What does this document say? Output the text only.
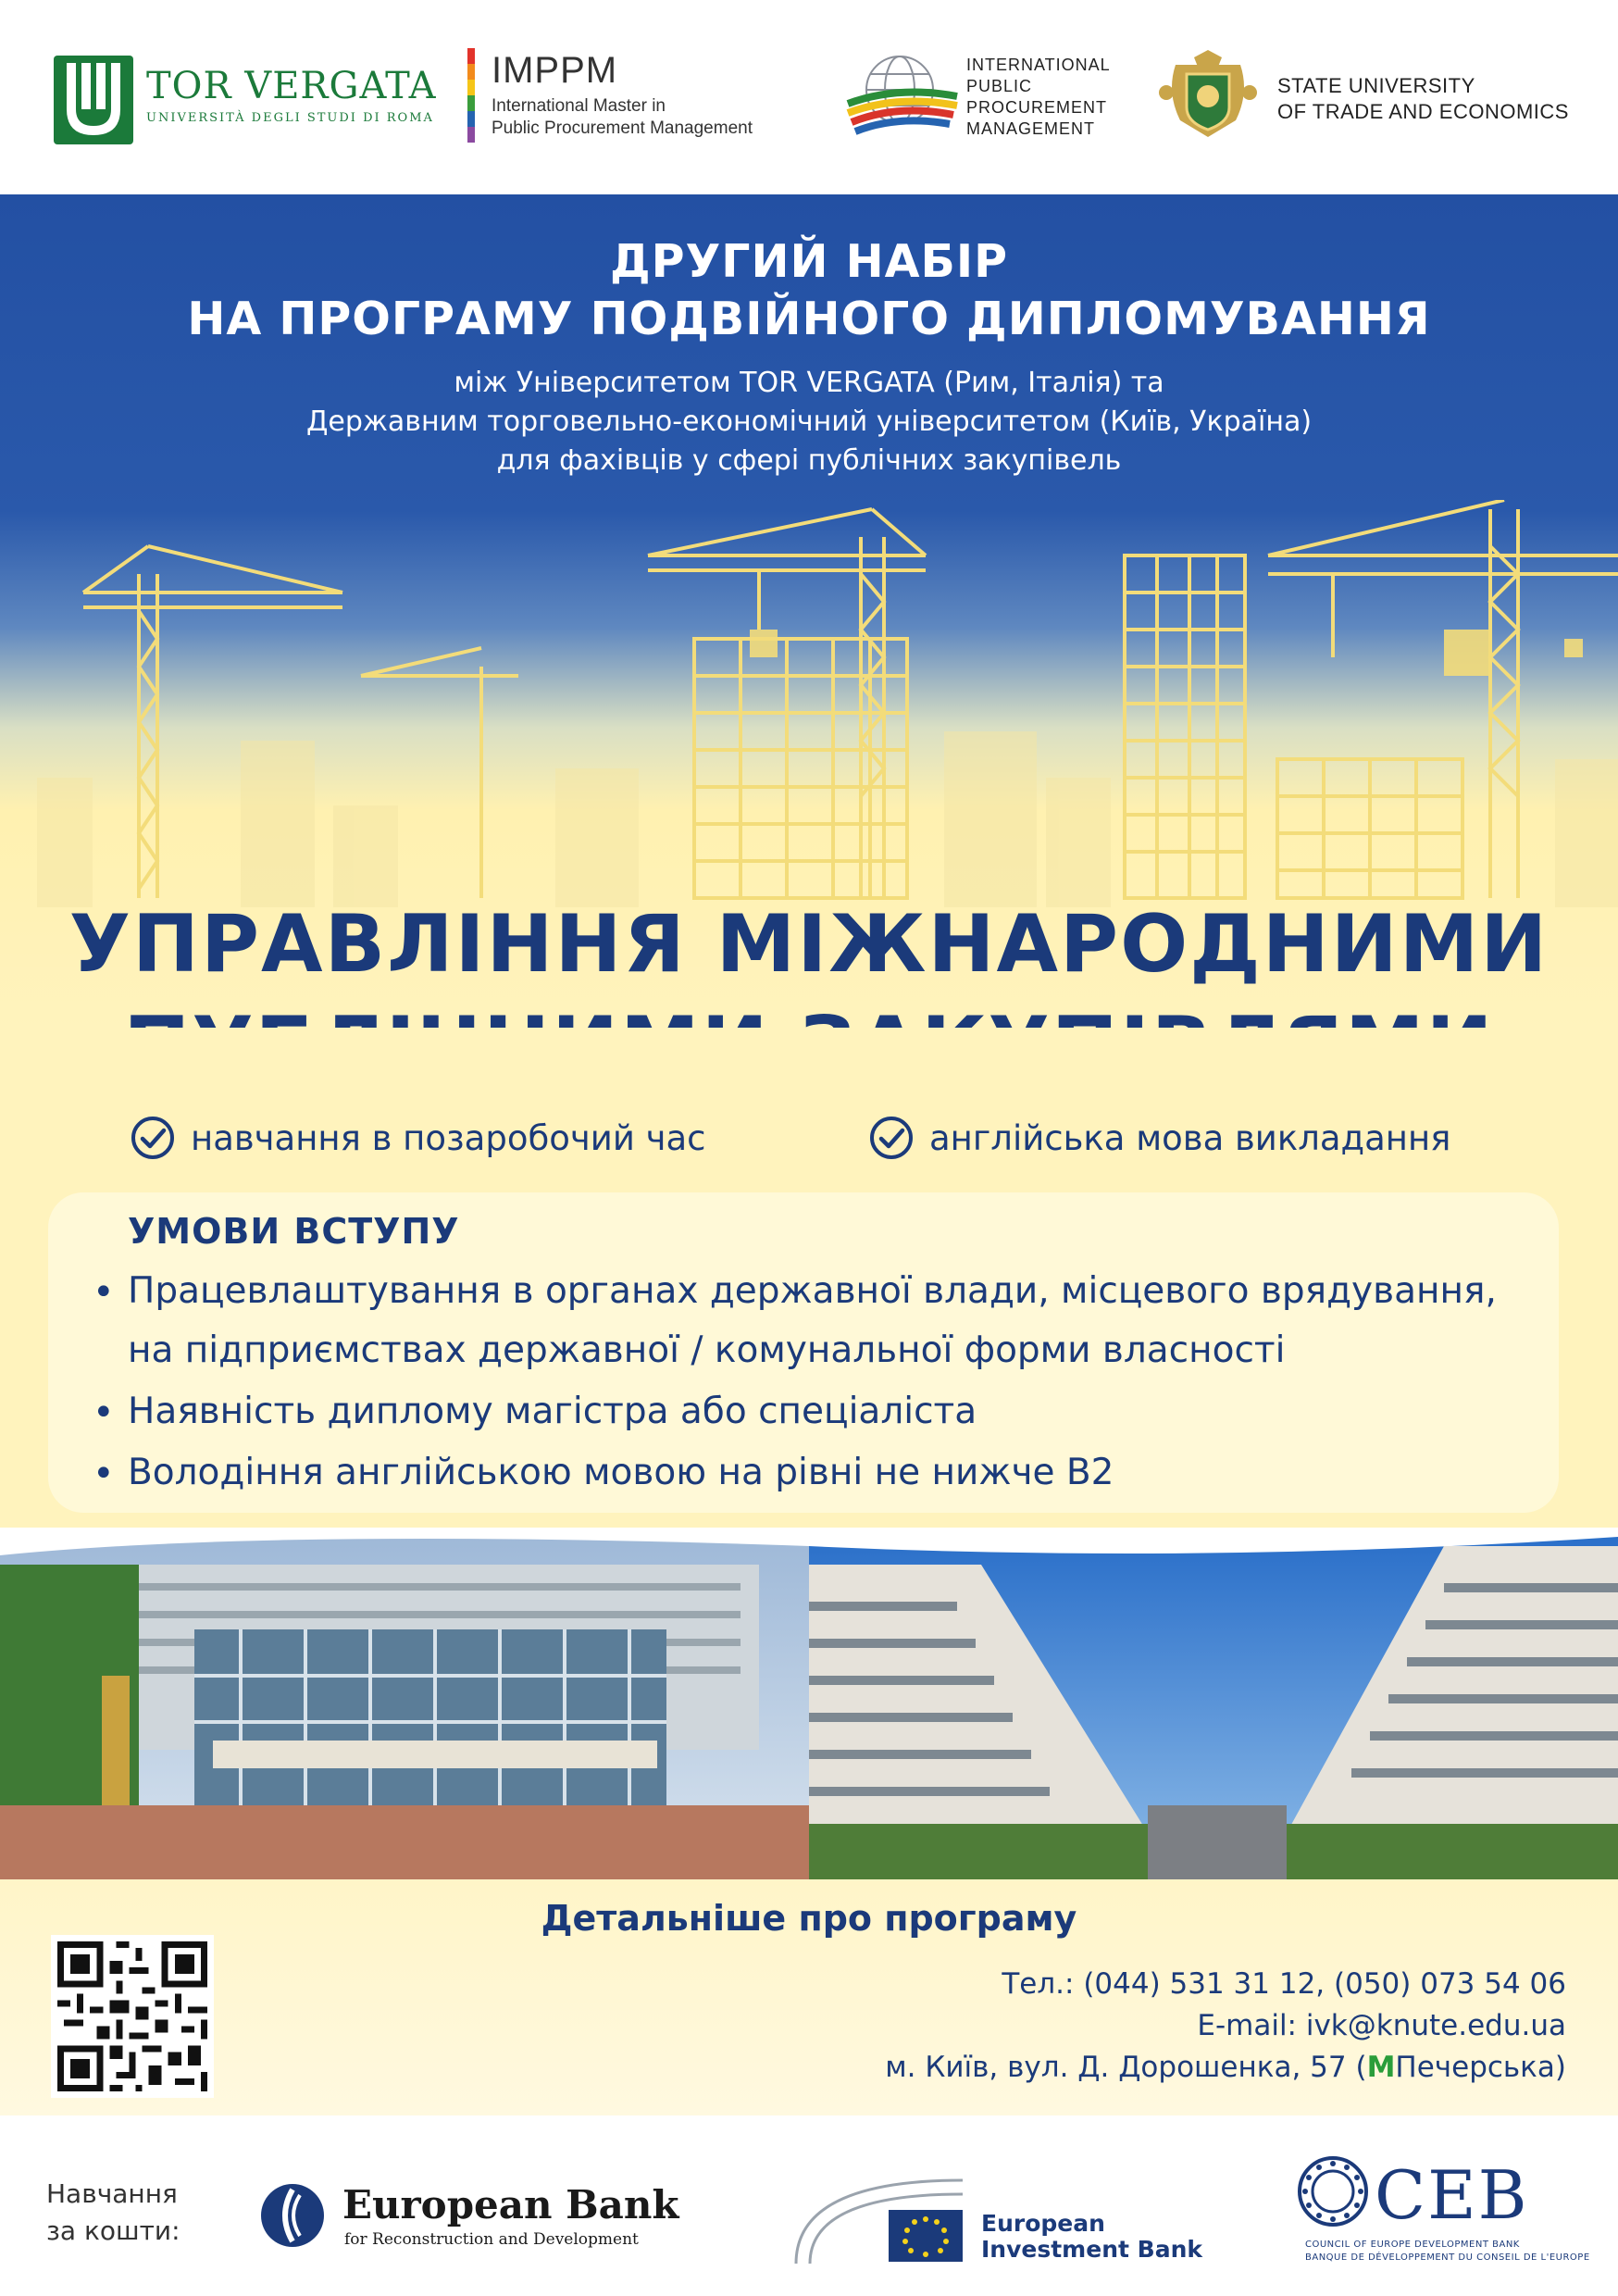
TOR VERGATA
UNIVERSITÀ DEGLI STUDI DI ROMA
IMPPM
International Master in
Public Procurement Management
INTERNATIONAL
PUBLIC
PROCUREMENT
MANAGEMENT
STATE UNIVERSITY
OF TRADE AND ECONOMICS
ДРУГИЙ НАБІР
НА ПРОГРАМУ ПОДВІЙНОГО ДИПЛОМУВАННЯ
між Університетом TOR VERGATA (Рим, Італія) та
Державним торговельно-економічний університетом (Київ, Україна)
для фахівців у сфері публічних закупівель
УПРАВЛІННЯ МІЖНАРОДНИМИ
навчання в позаробочий час	англійська мова викладання
УМОВИ ВСТУПУ
• Працевлаштування в органах державної влади, місцевого врядування,
на підприємствах державної / комунальної форми власності
• Наявність диплому магістра або спеціаліста
• Володіння англійською мовою на рівні не нижче B2
Детальніше про програму
Тел.: (044) 531 31 12, (050) 073 54 06
E-mail: ivk@knute.edu.ua
м. Київ, вул. Д. Дорошенка, 57 (МПечерська)
Навчання
за кошти:
European Bank
for Reconstruction and Development
European
Investment Bank
CEB
COUNCIL OF EUROPE DEVELOPMENT BANK
BANQUE DE DÉVELOPPEMENT DU CONSEIL DE L'EUROPE
